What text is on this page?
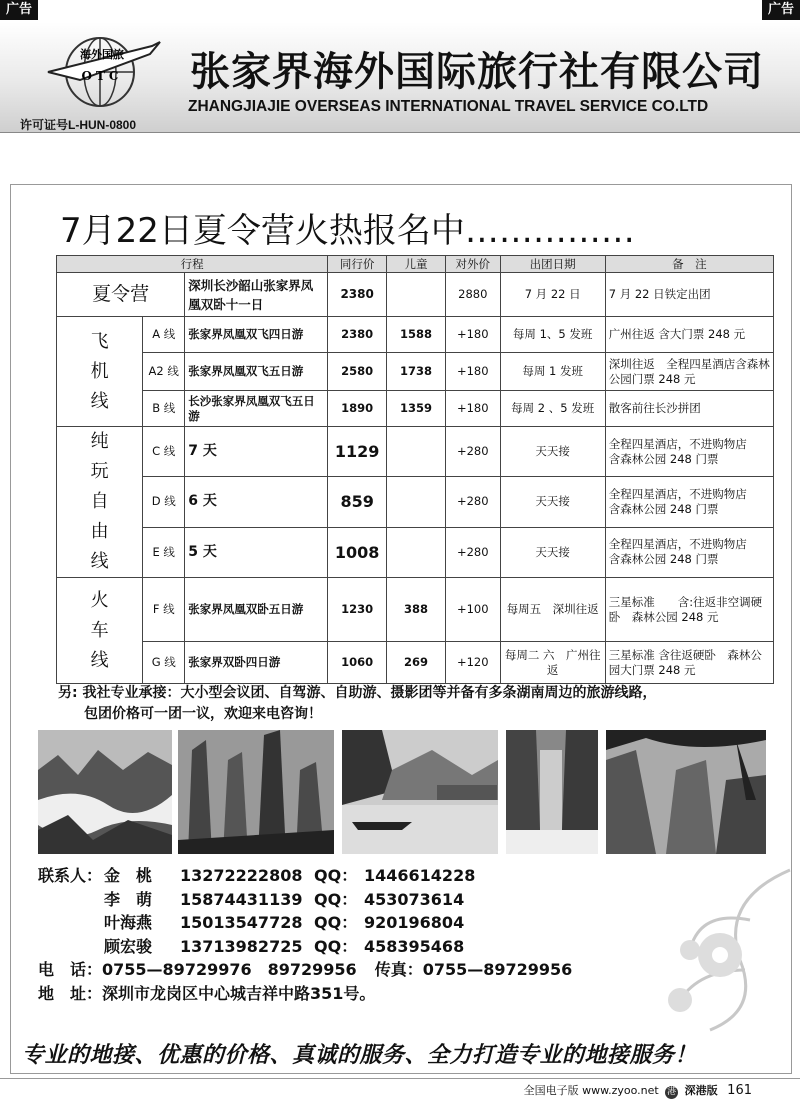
广告	广告
海外国旅
OTC 张家界海外国际旅行社有限公司
ZHANGJIAJIE OVERSEAS INTERNATIONAL TRAVEL SERVICE CO.LTD
许可证号L-HUN-0800
7月22日夏令营火热报名中……………
行程			同行价	儿童	对外价	出团日期	备　注
夏令营		深圳长沙韶山张家界凤凰双卧十一日	2380		2880	7 月 22 日	7 月 22 日铁定出团
飞机线	A 线	张家界凤凰双飞四日游	2380	1588	+180	每周 1、5 发班	广州往返 含大门票 248 元
	A2 线	张家界凤凰双飞五日游	2580	1738	+180	每周 1 发班	深圳往返　全程四星酒店含森林公园门票 248 元
	B 线	长沙张家界凤凰双飞五日游	1890	1359	+180	每周 2 、5 发班	散客前往长沙拼团
纯玩自由线	C 线	7 天	1129		+280	天天接	全程四星酒店，不进购物店　　含森林公园 248 门票
	D 线	6 天	859		+280	天天接	全程四星酒店，不进购物店　　含森林公园 248 门票
	E 线	5 天	1008		+280	天天接	全程四星酒店，不进购物店　　含森林公园 248 门票
火车线	F 线	张家界凤凰双卧五日游	1230	388	+100	每周五　深圳往返	三星标准　　含:往返非空调硬卧　森林公园 248 元
	G 线	张家界双卧四日游	1060	269	+120	每周二 六　广州往返	三星标准 含往返硬卧　森林公园大门票 248 元
另: 我社专业承接：大小型会议团、自驾游、自助游、摄影团等并备有多条湖南周边的旅游线路，
包团价格可一团一议，欢迎来电咨询！
联系人： 金　桃 13272222808 QQ： 1446614228
李　萌 15874431139 QQ： 453073614
叶海燕 15013547728 QQ： 920196804
顾宏骏 13713982725 QQ： 458395468
电　话：0755—89729976　89729956 传真：0755—89729956
地　址：深圳市龙岗区中心城吉祥中路351号。
专业的地接、优惠的价格、真诚的服务、全力打造专业的地接服务！
全国电子版 www.zyoo.net 港 深港版 161
